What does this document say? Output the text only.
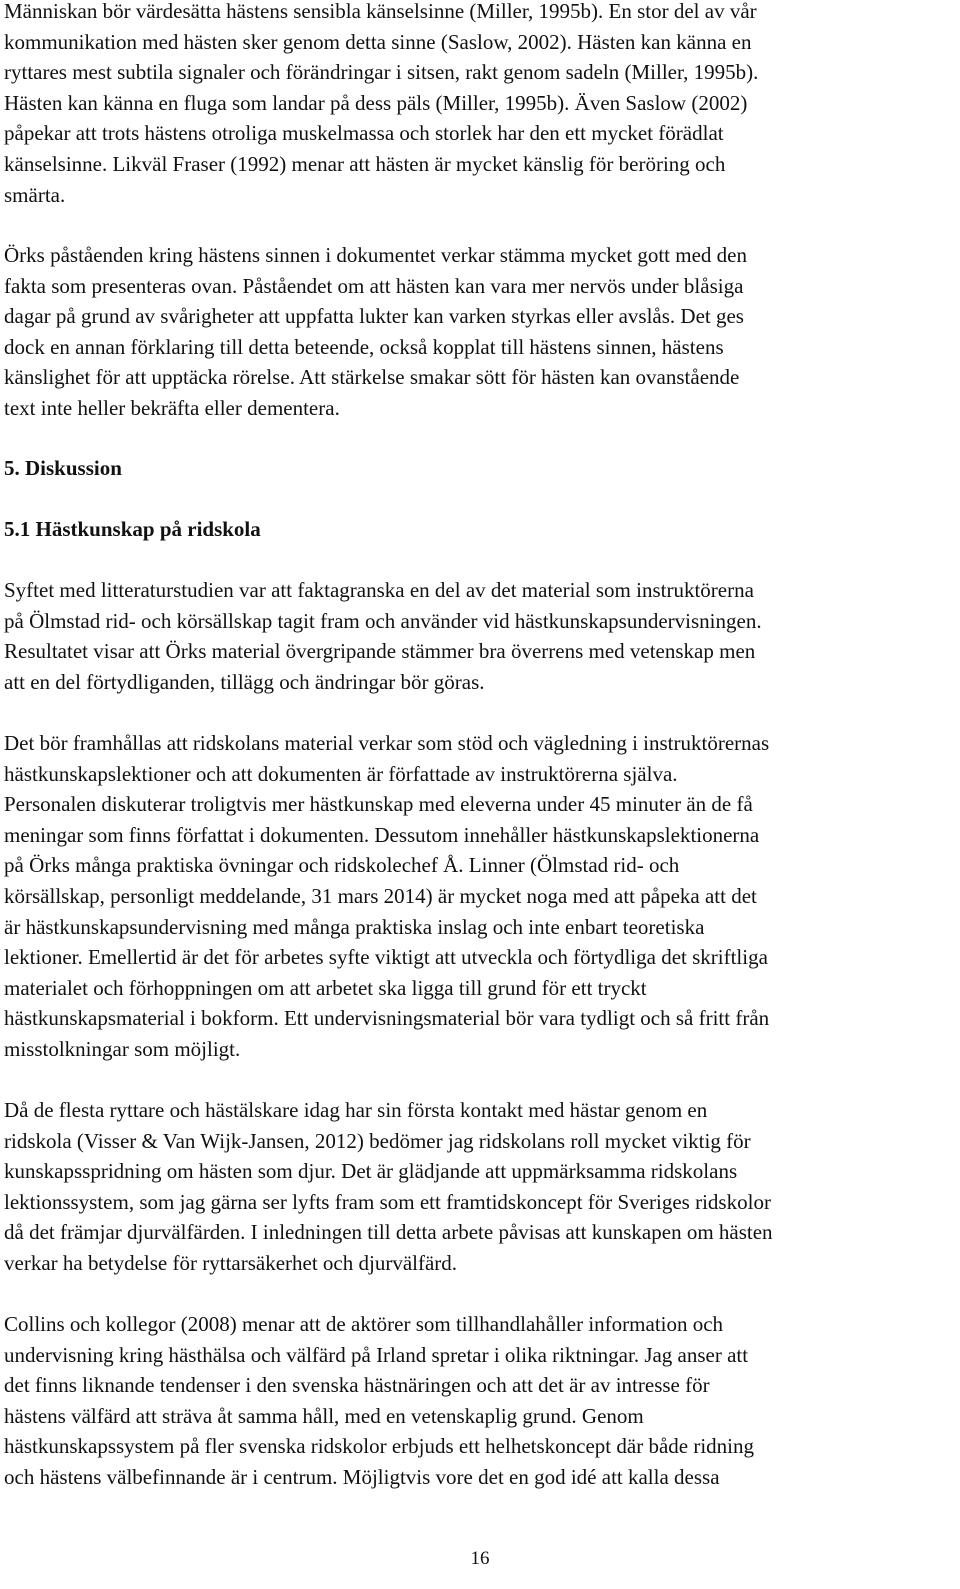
Människan bör värdesätta hästens sensibla känselsinne (Miller, 1995b). En stor del av vår
kommunikation med hästen sker genom detta sinne (Saslow, 2002). Hästen kan känna en
ryttares mest subtila signaler och förändringar i sitsen, rakt genom sadeln (Miller, 1995b).
Hästen kan känna en fluga som landar på dess päls (Miller, 1995b). Även Saslow (2002)
påpekar att trots hästens otroliga muskelmassa och storlek har den ett mycket förädlat
känselsinne. Likväl Fraser (1992) menar att hästen är mycket känslig för beröring och
smärta.

Örks påståenden kring hästens sinnen i dokumentet verkar stämma mycket gott med den
fakta som presenteras ovan. Påståendet om att hästen kan vara mer nervös under blåsiga
dagar på grund av svårigheter att uppfatta lukter kan varken styrkas eller avslås. Det ges
dock en annan förklaring till detta beteende, också kopplat till hästens sinnen, hästens
känslighet för att upptäcka rörelse. Att stärkelse smakar sött för hästen kan ovanstående
text inte heller bekräfta eller dementera.

5. Diskussion
5.1 Hästkunskap på ridskola

Syftet med litteraturstudien var att faktagranska en del av det material som instruktörerna
på Ölmstad rid- och körsällskap tagit fram och använder vid hästkunskapsundervisningen.
Resultatet visar att Örks material övergripande stämmer bra överrens med vetenskap men
att en del förtydliganden, tillägg och ändringar bör göras.

Det bör framhållas att ridskolans material verkar som stöd och vägledning i instruktörernas
hästkunskapslektioner och att dokumenten är författade av instruktörerna själva.
Personalen diskuterar troligtvis mer hästkunskap med eleverna under 45 minuter än de få
meningar som finns författat i dokumenten. Dessutom innehåller hästkunskapslektionerna
på Örks många praktiska övningar och ridskolechef Å. Linner (Ölmstad rid- och
körsällskap, personligt meddelande, 31 mars 2014) är mycket noga med att påpeka att det
är hästkunskapsundervisning med många praktiska inslag och inte enbart teoretiska
lektioner. Emellertid är det för arbetes syfte viktigt att utveckla och förtydliga det skriftliga
materialet och förhoppningen om att arbetet ska ligga till grund för ett tryckt
hästkunskapsmaterial i bokform. Ett undervisningsmaterial bör vara tydligt och så fritt från
misstolkningar som möjligt.

Då de flesta ryttare och hästälskare idag har sin första kontakt med hästar genom en
ridskola (Visser & Van Wijk-Jansen, 2012) bedömer jag ridskolans roll mycket viktig för
kunskapsspridning om hästen som djur. Det är glädjande att uppmärksamma ridskolans
lektionssystem, som jag gärna ser lyfts fram som ett framtidskoncept för Sveriges ridskolor
då det främjar djurvälfärden. I inledningen till detta arbete påvisas att kunskapen om hästen
verkar ha betydelse för ryttarsäkerhet och djurvälfärd.

Collins och kollegor (2008) menar att de aktörer som tillhandlahåller information och
undervisning kring hästhälsa och välfärd på Irland spretar i olika riktningar. Jag anser att
det finns liknande tendenser i den svenska hästnäringen och att det är av intresse för
hästens välfärd att sträva åt samma håll, med en vetenskaplig grund. Genom
hästkunskapssystem på fler svenska ridskolor erbjuds ett helhetskoncept där både ridning
och hästens välbefinnande är i centrum. Möjligtvis vore det en god idé att kalla dessa

16
